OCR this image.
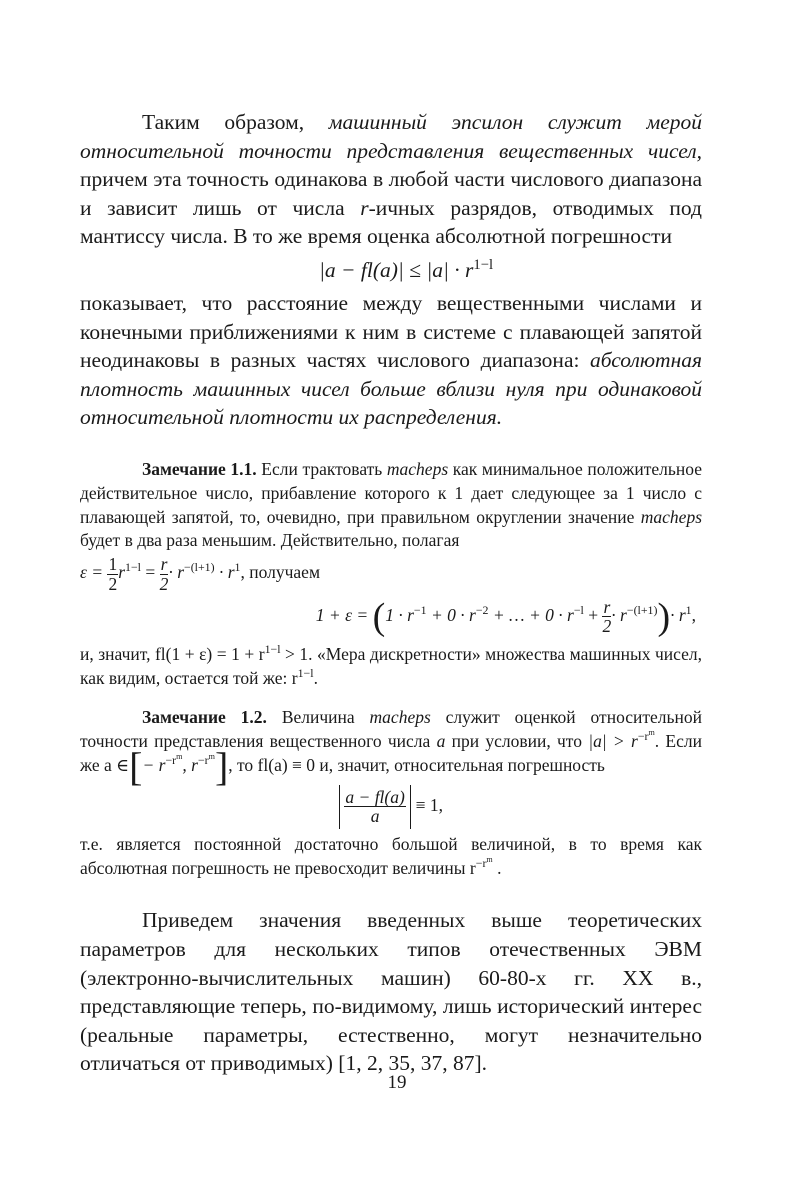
Таким образом, машинный эпсилон служит мерой относительной точности представления вещественных чисел, причем эта точность одинакова в любой части числового диапазона и зависит лишь от числа r-ичных разрядов, отводимых под мантиссу числа. В то же время оценка абсолютной погрешности

$|a - fl(a)| \le |a| \cdot r^{1-l}$

показывает, что расстояние между вещественными числами и конечными приближениями к ним в системе с плавающей запятой неодинаковы в разных частях числового диапазона: абсолютная плотность машинных чисел больше вблизи нуля при одинаковой относительной плотности их распределения.

Замечание 1.1. Если трактовать macheps как минимальное положительное действительное число, прибавление которого к 1 дает следующее за 1 число с плавающей запятой, то, очевидно, при правильном округлении значение macheps будет в два раза меньшим. Действительно, полагая

$\varepsilon = \frac{1}{2} r^{1-l} = \frac{r}{2} \cdot r^{-(l+1)} \cdot r^1$, получаем
$1 + \varepsilon = (1 \cdot r^{-1} + 0 \cdot r^{-2}$ + … + $0 \cdot r^{-l} + \frac{r}{2} \cdot r^{-(l+1)})\cdot r^1$,

и, значит, $fl(1 + \varepsilon) = 1 + r^{1-l} > 1$. «Мера дискретности» множества машинных чисел, как видим, остается той же: $r^{1-l}$.

Замечание 1.2. Величина macheps служит оценкой относительной точности представления вещественного числа a при условии, что $|a| > r^{-r^m}$. Если же a ∈[− $r^{-r^m}$, $r^{-r^m}$], то fl(a) ≡ 0 и, значит, относительная погрешность

$\frac{a - fl(a)}{a} \equiv 1$,

т.е. является постоянной достаточно большой величиной, в то время как абсолютная погрешность не превосходит величины $r^{-r^m}$ .

Приведем значения введенных выше теоретических параметров для нескольких типов отечественных ЭВМ (электронно-вычислительных машин) 60-80-х гг. XX в., представляющие теперь, по-видимому, лишь исторический интерес (реальные параметры, естественно, могут незначительно отличаться от приводимых) [1, 2, 35, 37, 87].

19
